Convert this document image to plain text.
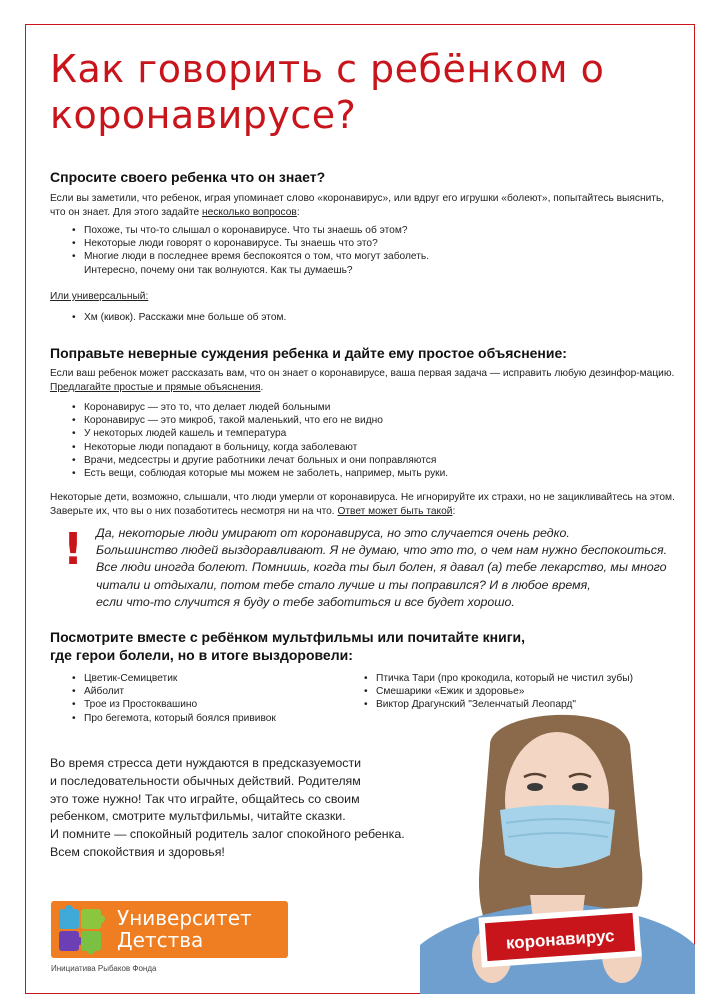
Как говорить с ребёнком о коронавирусе?
Спросите своего ребенка что он знает?

Если вы заметили, что ребенок, играя упоминает слово «коронавирус», или вдруг его игрушки «болеют», попытайтесь выяснить, что он знает. Для этого задайте несколько вопросов:

• Похоже, ты что-то слышал о коронавирусе. Что ты знаешь об этом?
• Некоторые люди говорят о коронавирусе. Ты знаешь что это?
• Многие люди в последнее время беспокоятся о том, что могут заболеть. Интересно, почему они так волнуются. Как ты думаешь?

Или универсальный:

• Хм (кивок). Расскажи мне больше об этом.
Поправьте неверные суждения ребенка и дайте ему простое объяснение:

Если ваш ребенок может рассказать вам, что он знает о коронавирусе, ваша первая задача — исправить любую дезинфор-мацию. Предлагайте простые и прямые объяснения.

• Коронавирус — это то, что делает людей больными
• Коронавирус — это микроб, такой маленький, что его не видно
• У некоторых людей кашель и температура
• Некоторые люди попадают в больницу, когда заболевают
• Врачи, медсестры и другие работники лечат больных и они поправляются
• Есть вещи, соблюдая которые мы можем не заболеть, например, мыть руки.

Некоторые дети, возможно, слышали, что люди умерли от коронавируса. Не игнорируйте их страхи, но не зацикливайтесь на этом. Заверьте их, что вы о них позаботитесь несмотря ни на что. Ответ может быть такой:

! Да, некоторые люди умирают от коронавируса, но это случается очень редко.

Большинство людей выздоравливают. Я не думаю, что это то, о чем нам нужно беспокоиться.

Все люди иногда болеют. Помнишь, когда ты был болен, я давал (а) тебе лекарство, мы много

читали и отдыхали, потом тебе стало лучше и ты поправился? И в любое время,

если что-то случится я буду о тебе заботиться и все будет хорошо.

Посмотрите вместе с ребёнком мультфильмы или почитайте книги,
где герои болели, но в итоге выздоровели:
• Цветик-Семицветик
• Айболит
• Трое из Простоквашино
• Про бегемота, который боялся прививок
• Птичка Тари (про крокодила, который не чистил зубы)
• Смешарики «Ежик и здоровье»
• Виктор Драгунский "Зеленчатый Леопард"

Во время стресса дети нуждаются в предсказуемости

и последовательности обычных действий. Родителям

это тоже нужно! Так что играйте, общайтесь со своим

ребенком, смотрите мультфильмы, читайте сказки.

И помните — спокойный родитель залог спокойного ребенка.

Всем спокойствия и здоровья!

Университет
Детства
Инициатива Рыбаков Фонда
коронавирус
